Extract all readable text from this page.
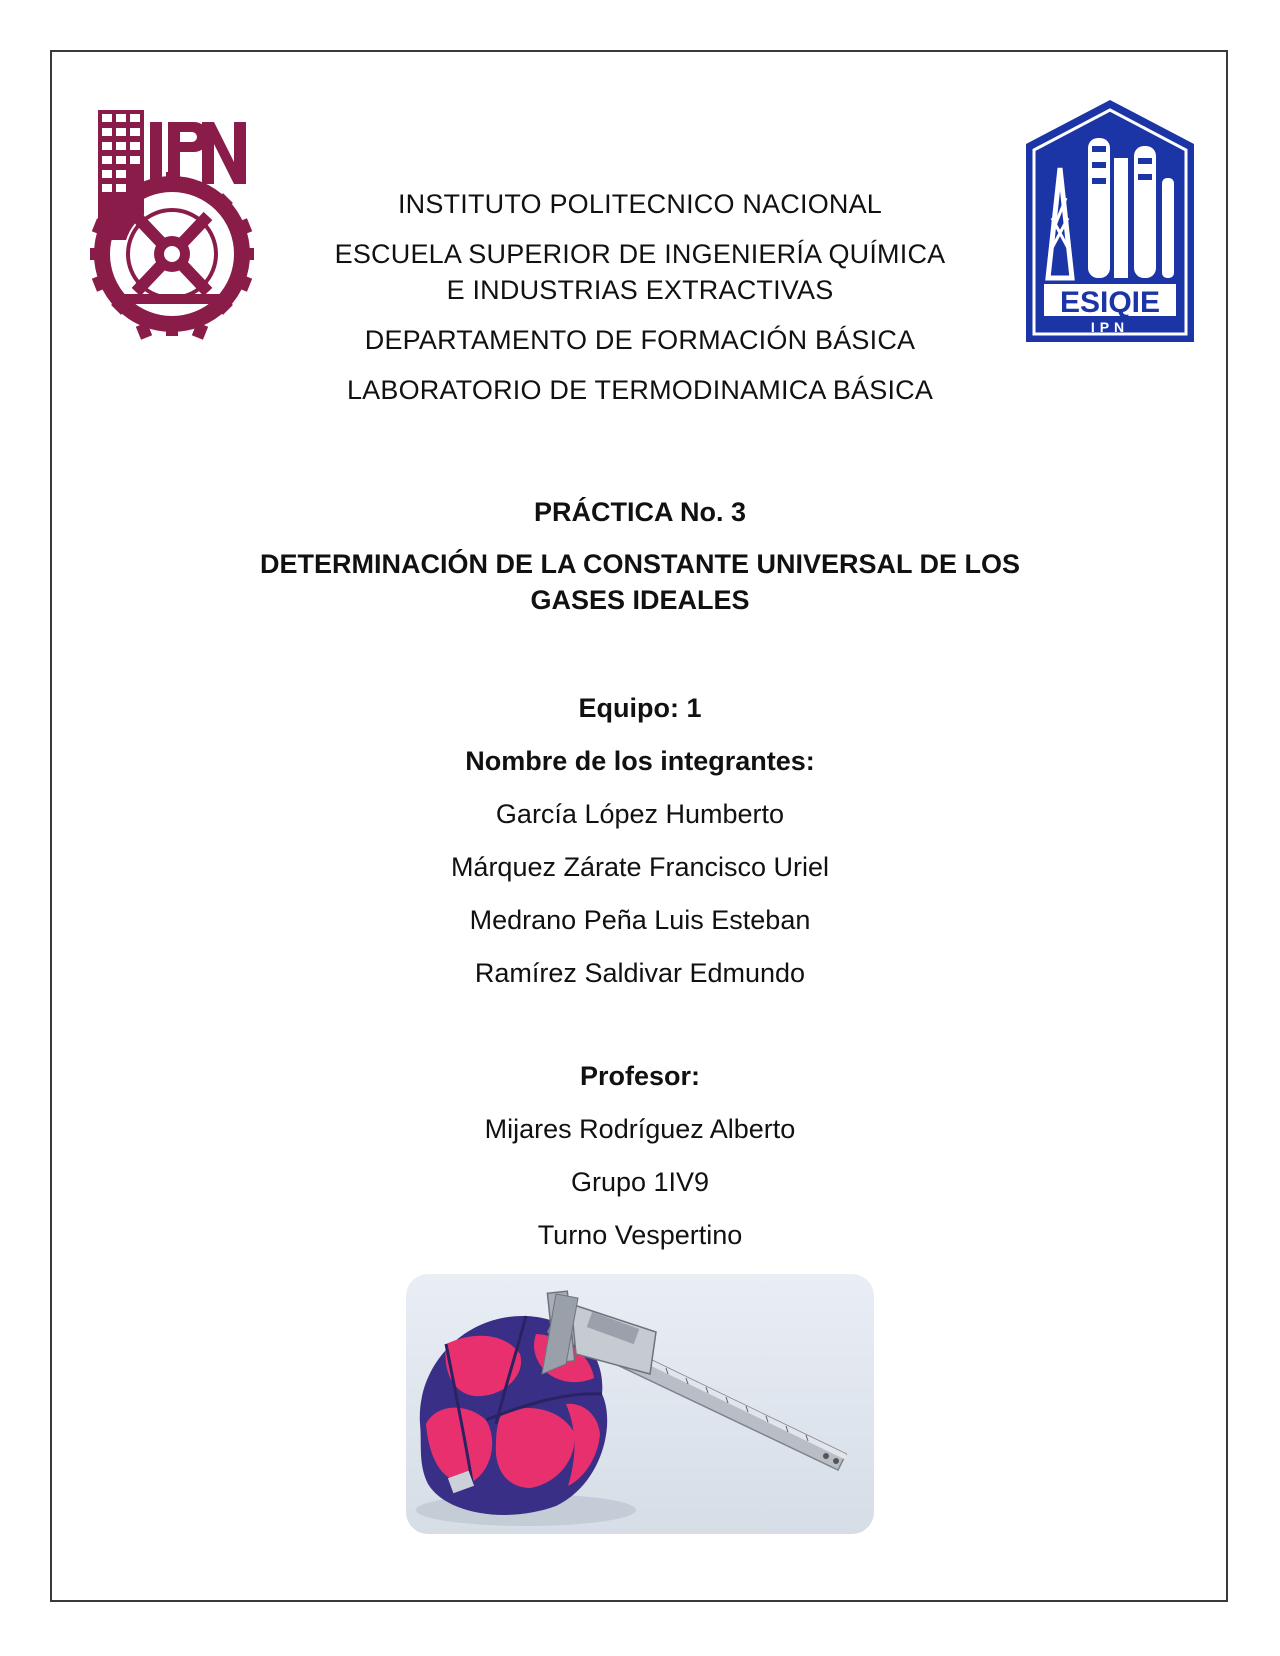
ESIQIE
IPN

INSTITUTO POLITECNICO NACIONAL

ESCUELA SUPERIOR DE INGENIERÍA QUÍMICA

E INDUSTRIAS EXTRACTIVAS

DEPARTAMENTO DE FORMACIÓN BÁSICA

LABORATORIO DE TERMODINAMICA BÁSICA

PRÁCTICA No. 3

DETERMINACIÓN DE LA CONSTANTE UNIVERSAL DE LOS

GASES IDEALES

Equipo: 1

Nombre de los integrantes:

García López Humberto

Márquez Zárate Francisco Uriel

Medrano Peña Luis Esteban

Ramírez Saldivar Edmundo

Profesor:

Mijares Rodríguez Alberto

Grupo 1IV9

Turno Vespertino
